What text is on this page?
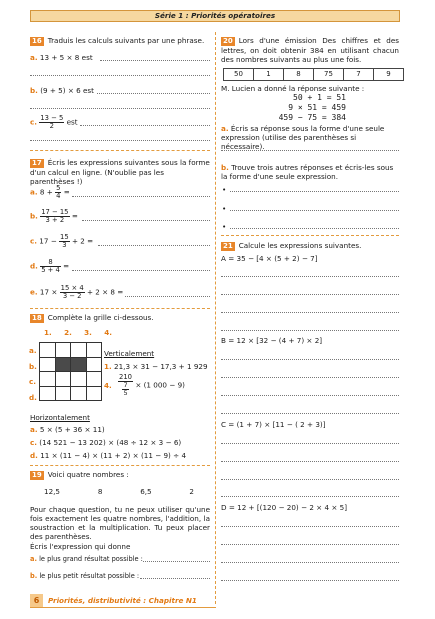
Série 1 : Priorités opératoires
16 Traduis les calculs suivants par une phrase.
a. 13 + 5 × 8 est
b. (9 + 5) × 6 est
c. $\frac{13 - 5}{2}$ est
17 Écris les expressions suivantes sous la forme d'un calcul en ligne. (N'oublie pas les parenthèses !)
a. $8 + \frac{5}{4}$ =
b. $\frac{17 - 15}{3 + 2}$ =
c. $17 - \frac{15}{3} + 2$ =
d. $\frac{8}{5 + 4}$ =
e. $17 \times \frac{15 \times 4}{3 - 2} + 2 \times 8$ =
18 Complète la grille ci-dessous.
1. 2. 3. 4.
a.
b.
c.
d.

Verticalement
1. 21,3 × 31 − 17,3 + 1 929
4. $\frac{210}{\frac{7}{5}} \times (1$ 000 − 9)
Horizontalement
a. 5 × (5 + 36 × 11)
c. (14 521 − 13 202) × (48 ÷ 12 × 3 − 6)
d. 11 × (11 − 4) × (11 + 2) × (11 − 9) ÷ 4
19 Voici quatre nombres :
12,5	8	6,5	2
Pour chaque question, tu ne peux utiliser qu'une fois exactement les quatre nombres, l'addition, la soustraction et la multiplication. Tu peux placer des parenthèses.
Écris l'expression qui donne
a. le plus grand résultat possible :
b. le plus petit résultat possible :
20 Lors d'une émission Des chiffres et des lettres, on doit obtenir 384 en utilisant chacun des nombres suivants au plus une fois.
50	1	8	75	7	9
M. Lucien a donné la réponse suivante :
50 + 1 = 51
9 × 51 = 459
459 − 75 = 384
a. Écris sa réponse sous la forme d'une seule expression (utilise des parenthèses si nécessaire).
b. Trouve trois autres réponses et écris-les sous la forme d'une seule expression.
•
•
•
21 Calcule les expressions suivantes.
A = 35 − [4 × (5 + 2) − 7]
B = 12 × [32 − (4 + 7) × 2]
C = (1 + 7) × [11 − ( 2 + 3)]
D = 12 + [(120 − 20) − 2 × 4 × 5]
6	Priorités, distributivité : Chapitre N1
